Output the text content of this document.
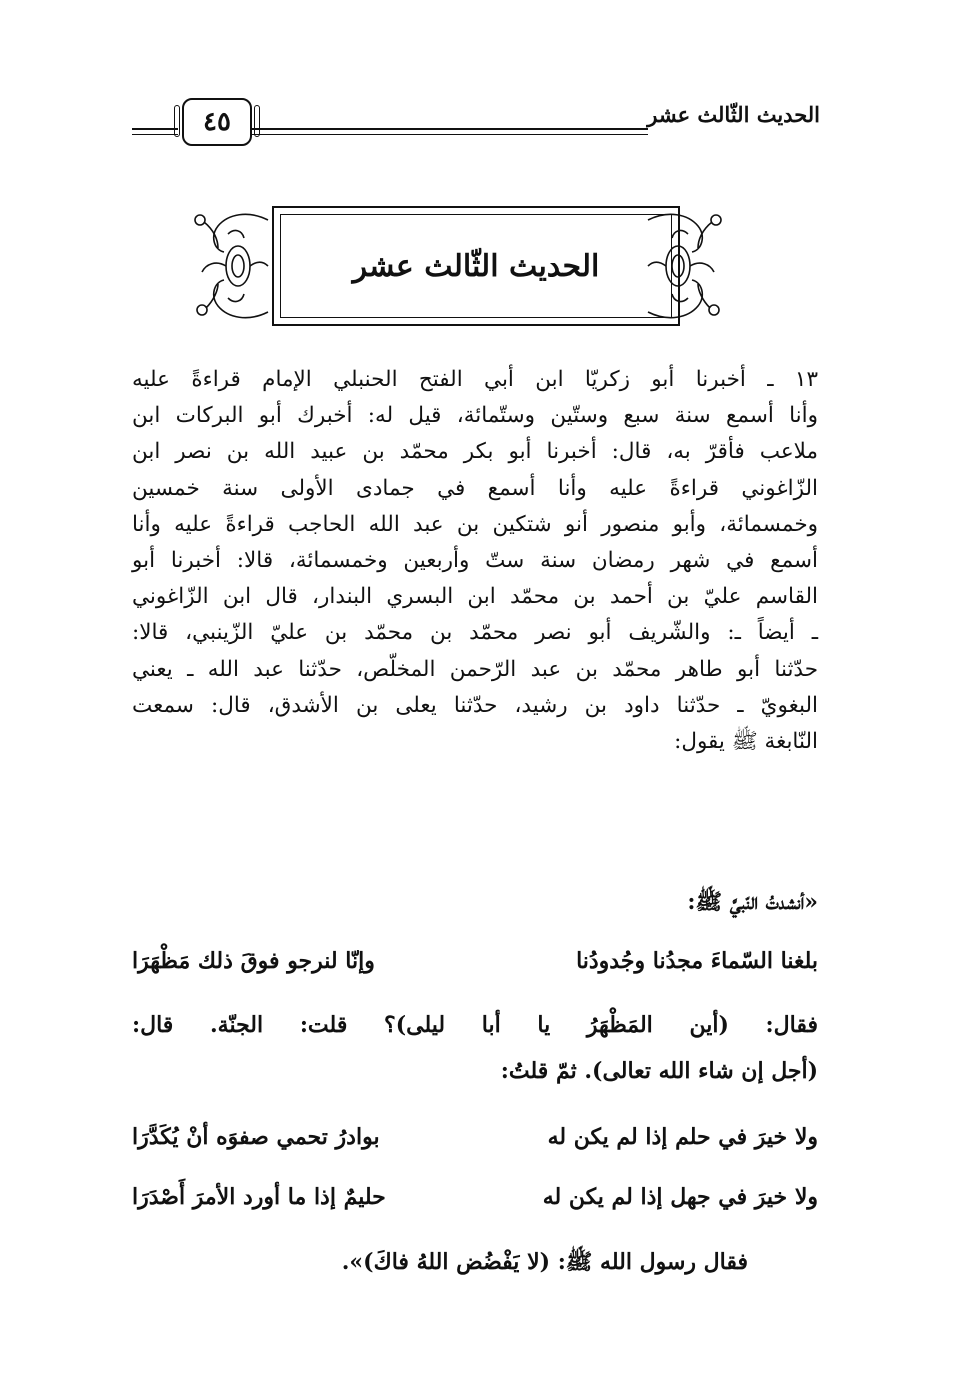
الحديث الثّالث عشر
٤٥
الحديث الثّالث عشر
١٣ ـ أخبرنا أبو زكريّا ابن أبي الفتح الحنبلي الإمام قراءةً عليه
وأنا أسمع سنة سبع وستّين وستّمائة، قيل له: أخبرك أبو البركات ابن
ملاعب فأقرّ به، قال: أخبرنا أبو بكر محمّد بن عبيد الله بن نصر ابن
الزّاغوني قراءةً عليه وأنا أسمع في جمادى الأولى سنة خمسين
وخمسمائة، وأبو منصور أنو شتكين بن عبد الله الحاجب قراءةً عليه وأنا
أسمع في شهر رمضان سنة ستّ وأربعين وخمسمائة، قالا: أخبرنا أبو
القاسم عليّ بن أحمد بن محمّد ابن البسري البندار، قال ابن الزّاغوني
ـ أيضاً ـ: والشّريف أبو نصر محمّد بن محمّد بن عليّ الزّينبي، قالا:
حدّثنا أبو طاهر محمّد بن عبد الرّحمن المخلّص، حدّثنا عبد الله ـ يعني
البغويّ ـ حدّثنا داود بن رشيد، حدّثنا يعلى بن الأشدق، قال: سمعت
النّابغة ﷺ يقول:
«أنشدتُ النّبيَّ ﷺ:
بلغنا السّماءَ مجدُنا وجُدودُنا
وإنّا لنرجو فوقَ ذلك مَظْهَرَا
فقال: (أين المَظْهَرُ يا أبا ليلى)؟ قلت: الجنّة. قال:
(أجل إن شاء الله تعالى). ثمّ قلتُ:
ولا خيرَ في حلم إذا لم يكن له
بوادرُ تحمي صفوَه أنْ يُكَدَّرَا
ولا خيرَ في جهل إذا لم يكن له
حليمٌ إذا ما أورد الأمرَ أَصْدَرَا
فقال رسول الله ﷺ: (لا يَفْضُض اللهُ فاكَ)».
